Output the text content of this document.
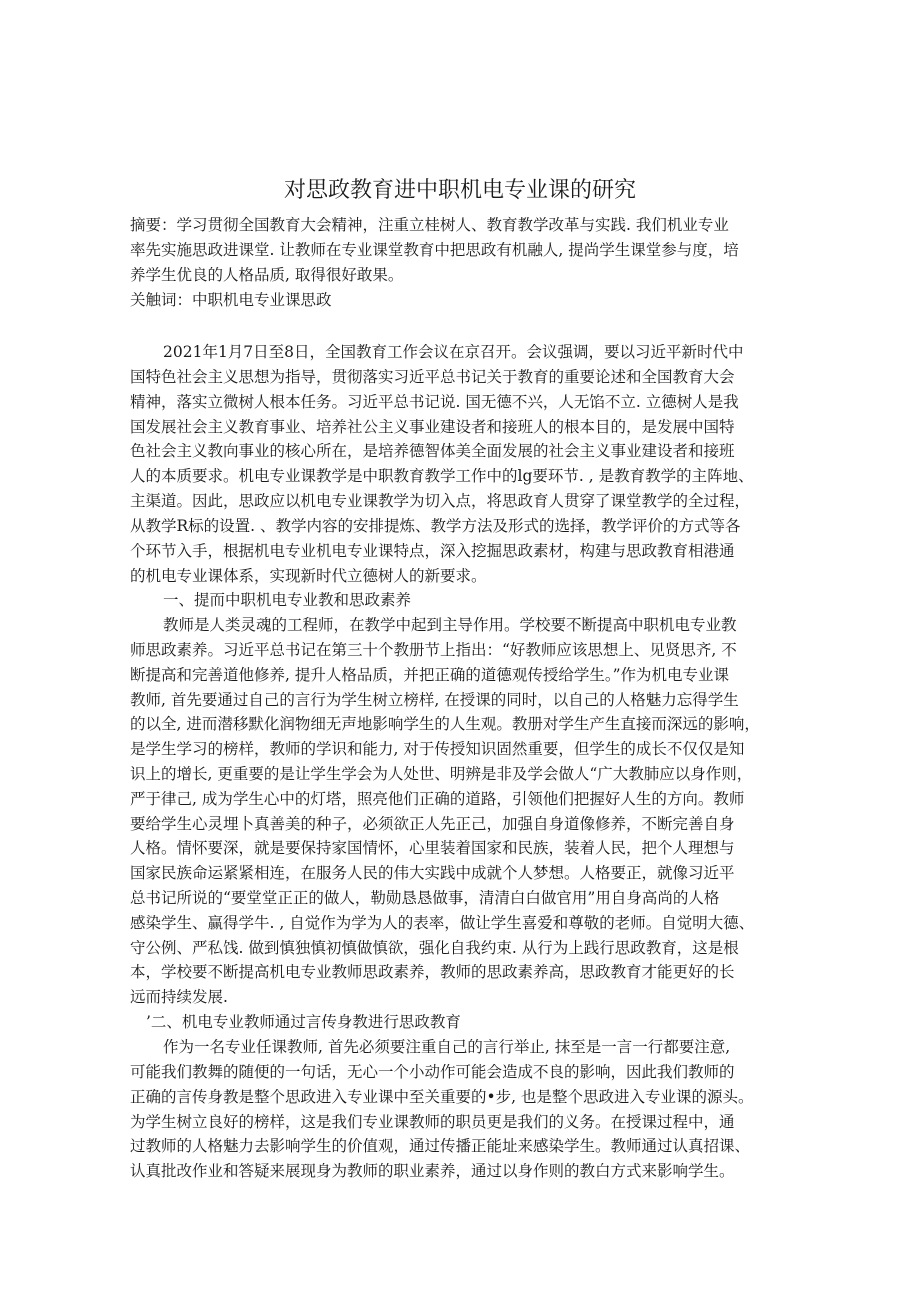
对思政教育进中职机电专业课的研究
摘要：学习贯彻全国教育大会精神，注重立桂树人、教育教学改革与实践. 我们机业专业
率先实施思政进课堂. 让教师在专业课堂教育中把思政有机融人, 提尚学生课堂参与度，培
养学生优良的人格品质, 取得很好敢果。
关触词：中职机电专业课思政
2021年1月7日至8日，全国教育工作会议在京召开。会议强调，要以习近平新时代中
国特色社会主义思想为指导，贯彻落实习近平总书记关于教育的重要论述和全国教育大会
精神，落实立微树人根本任务。习近平总书记说. 国无德不兴，人无馅不立. 立德树人是我
国发展社会主义教育事业、培养社公主义事业建设者和接班人的根本目的，是发展中国特
色社会主义教向事业的核心所在，是培养德智体美全面发展的社会主义事业建设者和接班
人的本质要求。机电专业课教学是中职教育教学工作中的lg要环节. , 是教育教学的主阵地、
主渠道。因此，思政应以机电专业课教学为切入点，将思政育人贯穿了课堂教学的全过程，
从教学R标的设置. 、教学内容的安排提炼、教学方法及形式的选择，教学评价的方式等各
个环节入手，根据机电专业机电专业课特点，深入挖掘思政素材，构建与思政教育相港通
的机电专业课体系，实现新时代立德树人的新要求。
一、提而中职机电专业教和思政素养
教师是人类灵魂的工程师，在教学中起到主导作用。学校要不断提高中职机电专业教
师思政素养。习近平总书记在第三十个教册节上指出：“好教师应该思想上、见贤思齐, 不
断提高和完善道他修养, 提升人格品质，并把正确的道德观传授给学生。”作为机电专业课
教师, 首先要通过自己的言行为学生树立榜样, 在授课的同时，以自己的人格魅力忘得学生
的以全, 进而潜移默化润物细无声地影响学生的人生观。教册对学生产生直接而深远的影响，
是学生学习的榜样，教师的学识和能力, 对于传授知识固然重要，但学生的成长不仅仅是知
识上的增长, 更重要的是让学生学会为人处世、明辨是非及学会做人“广大教肺应以身作则，
严于律己, 成为学生心中的灯塔，照亮他们正确的道路，引领他们把握好人生的方向。教师
要给学生心灵埋卜真善美的种子，必须欲正人先正己，加强自身道像修养，不断完善自身
人格。情怀要深，就是要保持家国情怀，心里装着国家和民族，装着人民，把个人理想与
国家民族命运紧紧相连，在服务人民的伟大实践中成就个人梦想。人格要正，就像习近平
总书记所说的“要堂堂正正的做人，勒勋恳恳做事，清清白白做官用”用自身高尚的人格
感染学生、赢得学牛. , 自觉作为学为人的表率，做让学生喜爱和尊敬的老师。自觉明大德、
守公例、严私饯. 做到慎独慎初慎做慎欲，强化自我约束. 从行为上践行思政教育，这是根
本，学校要不断提高机电专业教师思政素养，教师的思政素养高，思政教育才能更好的长
远而持续发展.
’二、机电专业教师通过言传身教进行思政教育
作为一名专业任课教师, 首先必须要注重自己的言行举止, 抹至是一言一行都要注意,
可能我们教舞的随便的一句话，无心一个小动作可能会造成不良的影响，因此我们教师的
正确的言传身教是整个思政进入专业课中至关重要的•步, 也是整个思政进入专业课的源头。
为学生树立良好的榜样，这是我们专业课教师的职员更是我们的义务。在授课过程中，通
过教师的人格魅力去影响学生的价值观，通过传播正能址来感染学生。教师通过认真招课、
认真批改作业和答疑来展现身为教师的职业素养，通过以身作则的教白方式来影响学生。
